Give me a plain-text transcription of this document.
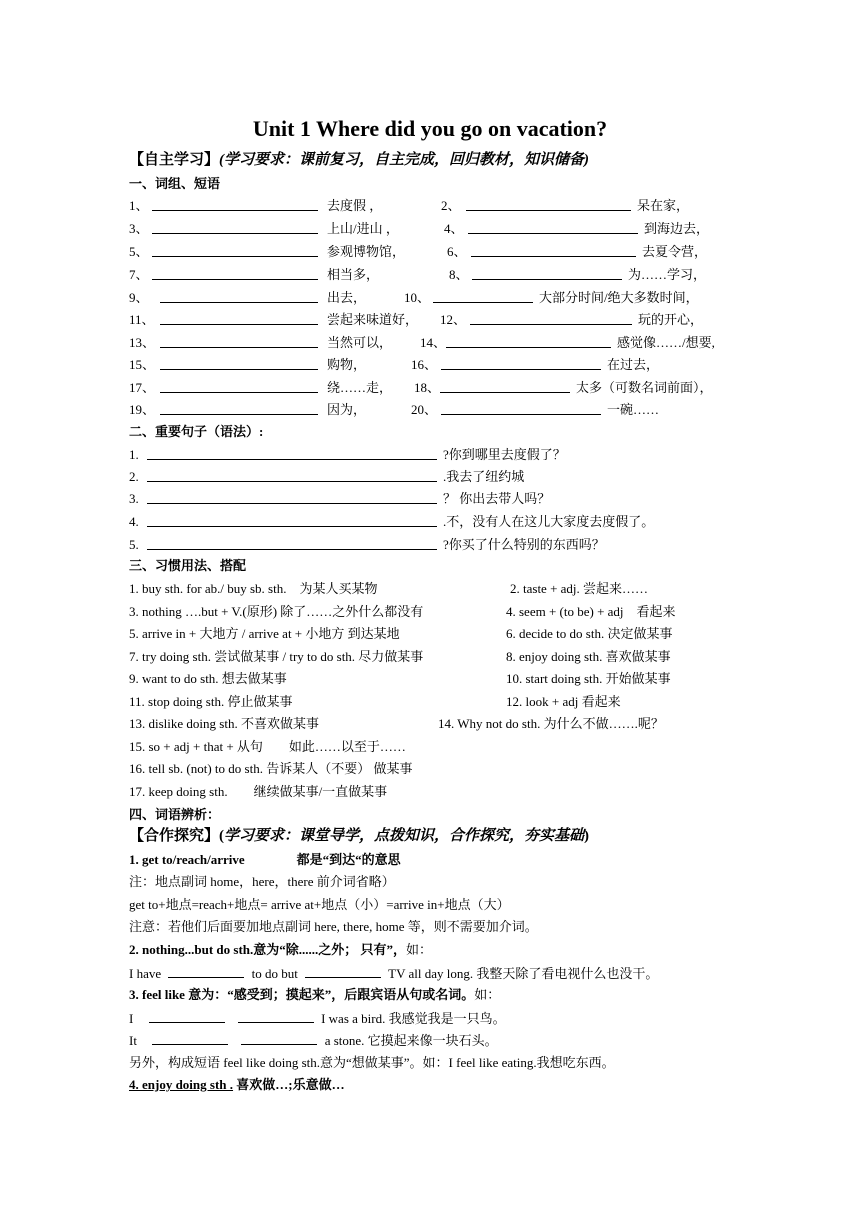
Unit 1 Where did you go on vacation?
【自主学习】(学习要求：课前复习，自主完成，回归教材，知识储备)
一、词组、短语
1、	去度假 ，	2、	呆在家，
3、	上山/进山 ，	4、	到海边去，
5、	参观博物馆，	6、	去夏令营，
7、	相当多，	8、	为……学习，
9、	出去，	10、	大部分时间/绝大多数时间，
11、	尝起来味道好， 12、	玩的开心，
13、	当然可以， 14、	感觉像……/想要,
15、	购物，	16、	在过去，
17、	绕……走， 18、	太多（可数名词前面），
19、	因为，	20、	一碗……
二、重要句子（语法）:
1.	?你到哪里去度假了？
2.	.我去了纽约城
3.	？ 你出去带人吗？
4.	.不，没有人在这儿大家度去度假了。
5.	?你买了什么特别的东西吗？
三、习惯用法、搭配
1. buy sth. for ab./ buy sb. sth.　为某人买某物	2. taste + adj. 尝起来……
3. nothing ….but + V.(原形) 除了……之外什么都没有	4. seem + (to be) + adj　看起来
5. arrive in + 大地方 / arrive at + 小地方 到达某地	6. decide to do sth. 决定做某事
7. try doing sth. 尝试做某事 / try to do sth. 尽力做某事	8. enjoy doing sth. 喜欢做某事
9. want to do sth. 想去做某事	10. start doing sth. 开始做某事
11. stop doing sth. 停止做某事	12. look + adj 看起来
13. dislike doing sth. 不喜欢做某事	14. Why not do sth. 为什么不做…….呢？
15. so + adj + that + 从句　　如此……以至于……
16. tell sb. (not) to do sth. 告诉某人（不要） 做某事
17. keep doing sth.　　继续做某事/一直做某事
四、词语辨析：
【合作探究】(学习要求：课堂导学，点拨知识，合作探究，夯实基础)
1. get to/reach/arrive	都是“到达“的意思
注：地点副词 home，here，there 前介词省略）
get to+地点=reach+地点= arrive at+地点（小）=arrive in+地点（大）
注意：若他们后面要加地点副词 here, there, home 等，则不需要加介词。
2. nothing...but do sth.意为“除......之外； 只有”，如：
I have	to do but	TV all day long. 我整天除了看电视什么也没干。
3. feel like 意为：“感受到；摸起来”，后跟宾语从句或名词。如：
I	I was a bird. 我感觉我是一只鸟。
It	a stone. 它摸起来像一块石头。
另外，构成短语 feel like doing sth.意为“想做某事”。如：I feel like eating.我想吃东西。
4. enjoy doing sth . 喜欢做…;乐意做…
